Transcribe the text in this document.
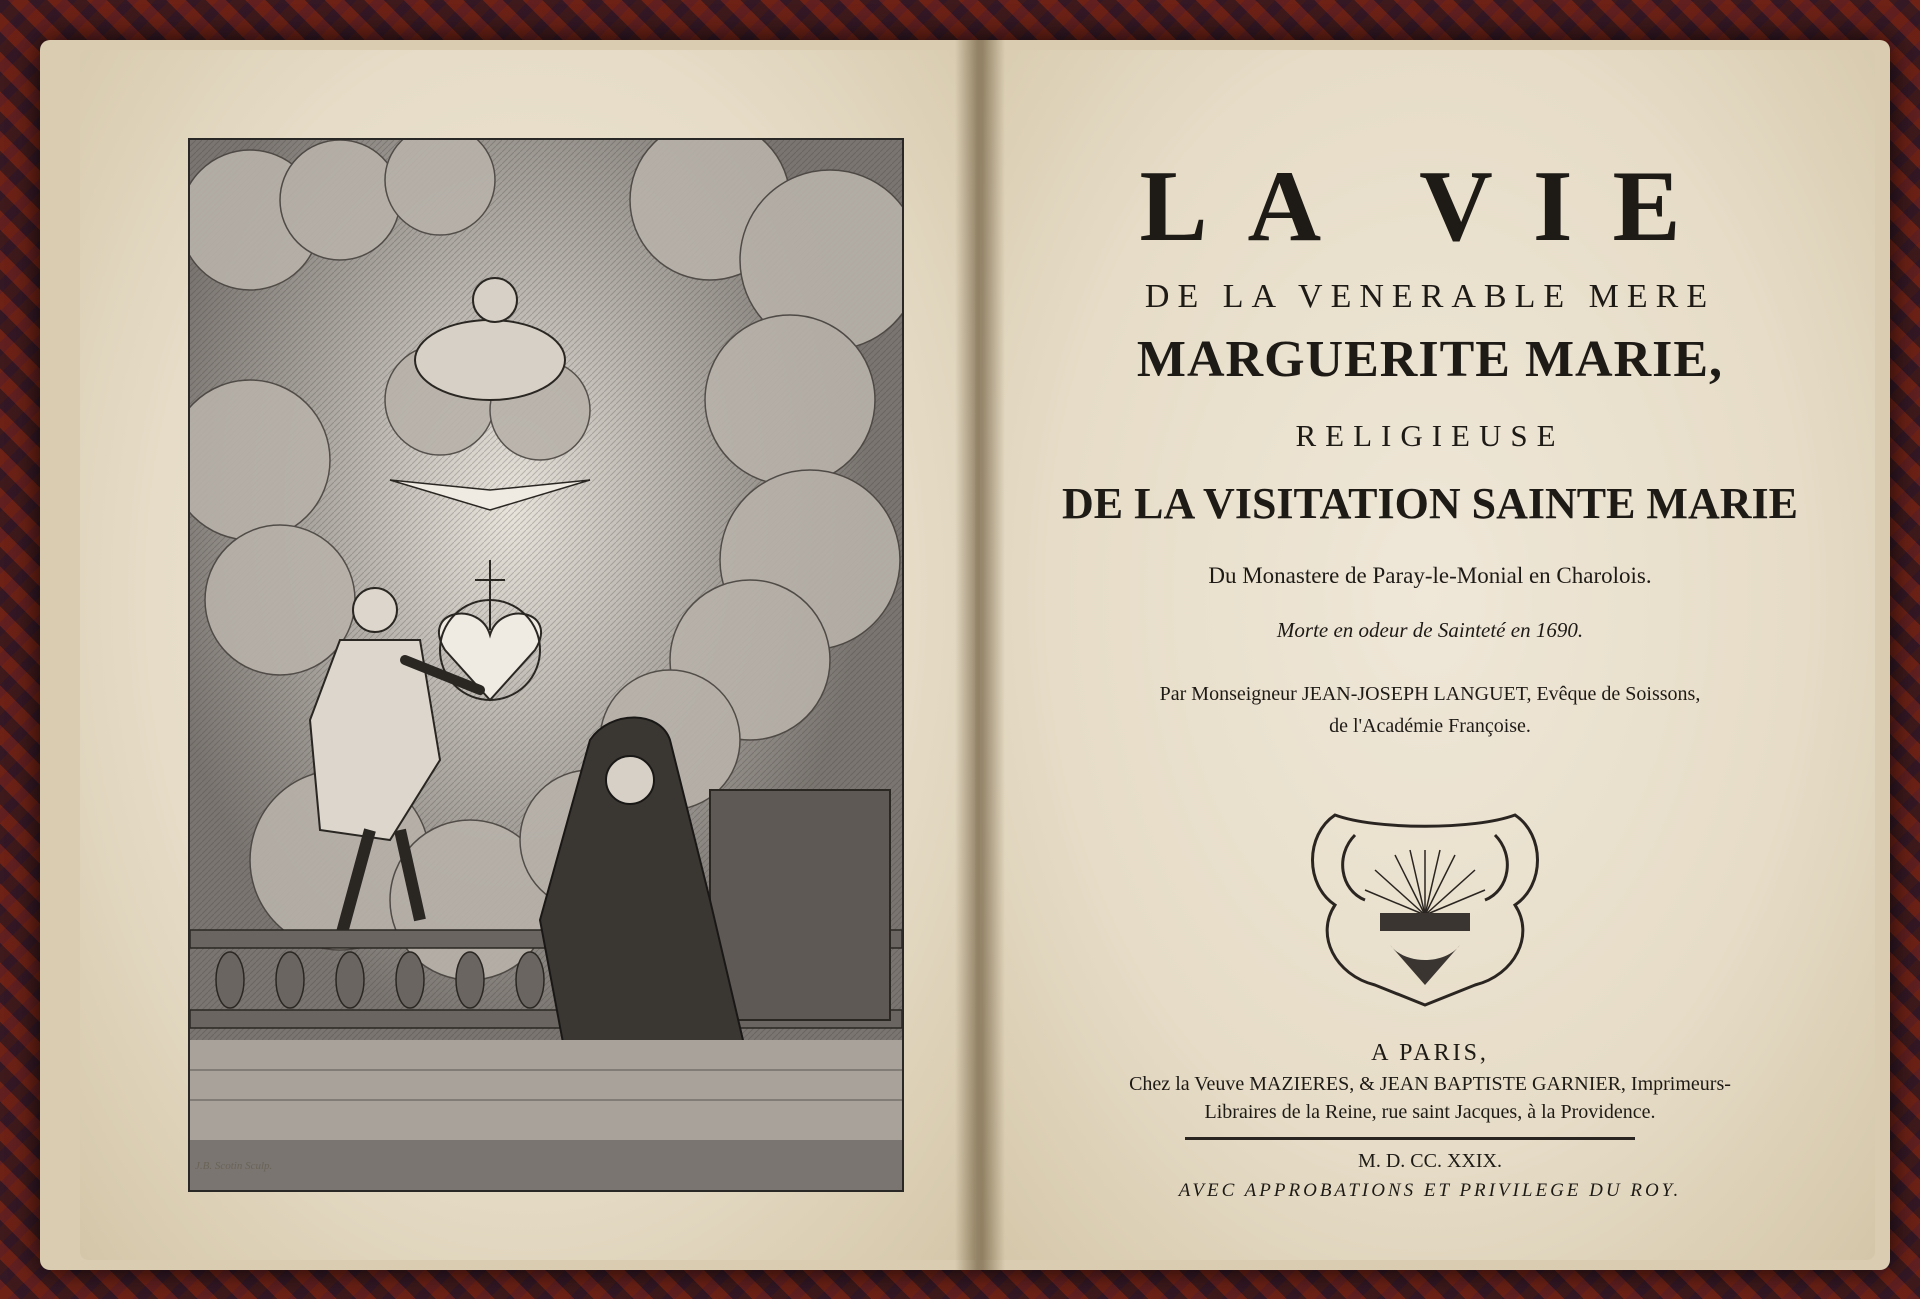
J.B. Scotin Sculp.
LA VIE
DE LA VENERABLE MERE
MARGUERITE MARIE,
RELIGIEUSE
DE LA VISITATION SAINTE MARIE
Du Monastere de Paray-le-Monial en Charolois.
Morte en odeur de Sainteté en 1690.
Par Monseigneur JEAN-JOSEPH LANGUET, Evêque de Soissons,
de l'Académie Françoise.
A PARIS,
Chez la Veuve MAZIERES, & JEAN BAPTISTE GARNIER, Imprimeurs-
Libraires de la Reine, rue saint Jacques, à la Providence.
M. D. CC. XXIX.
AVEC APPROBATIONS ET PRIVILEGE DU ROY.
